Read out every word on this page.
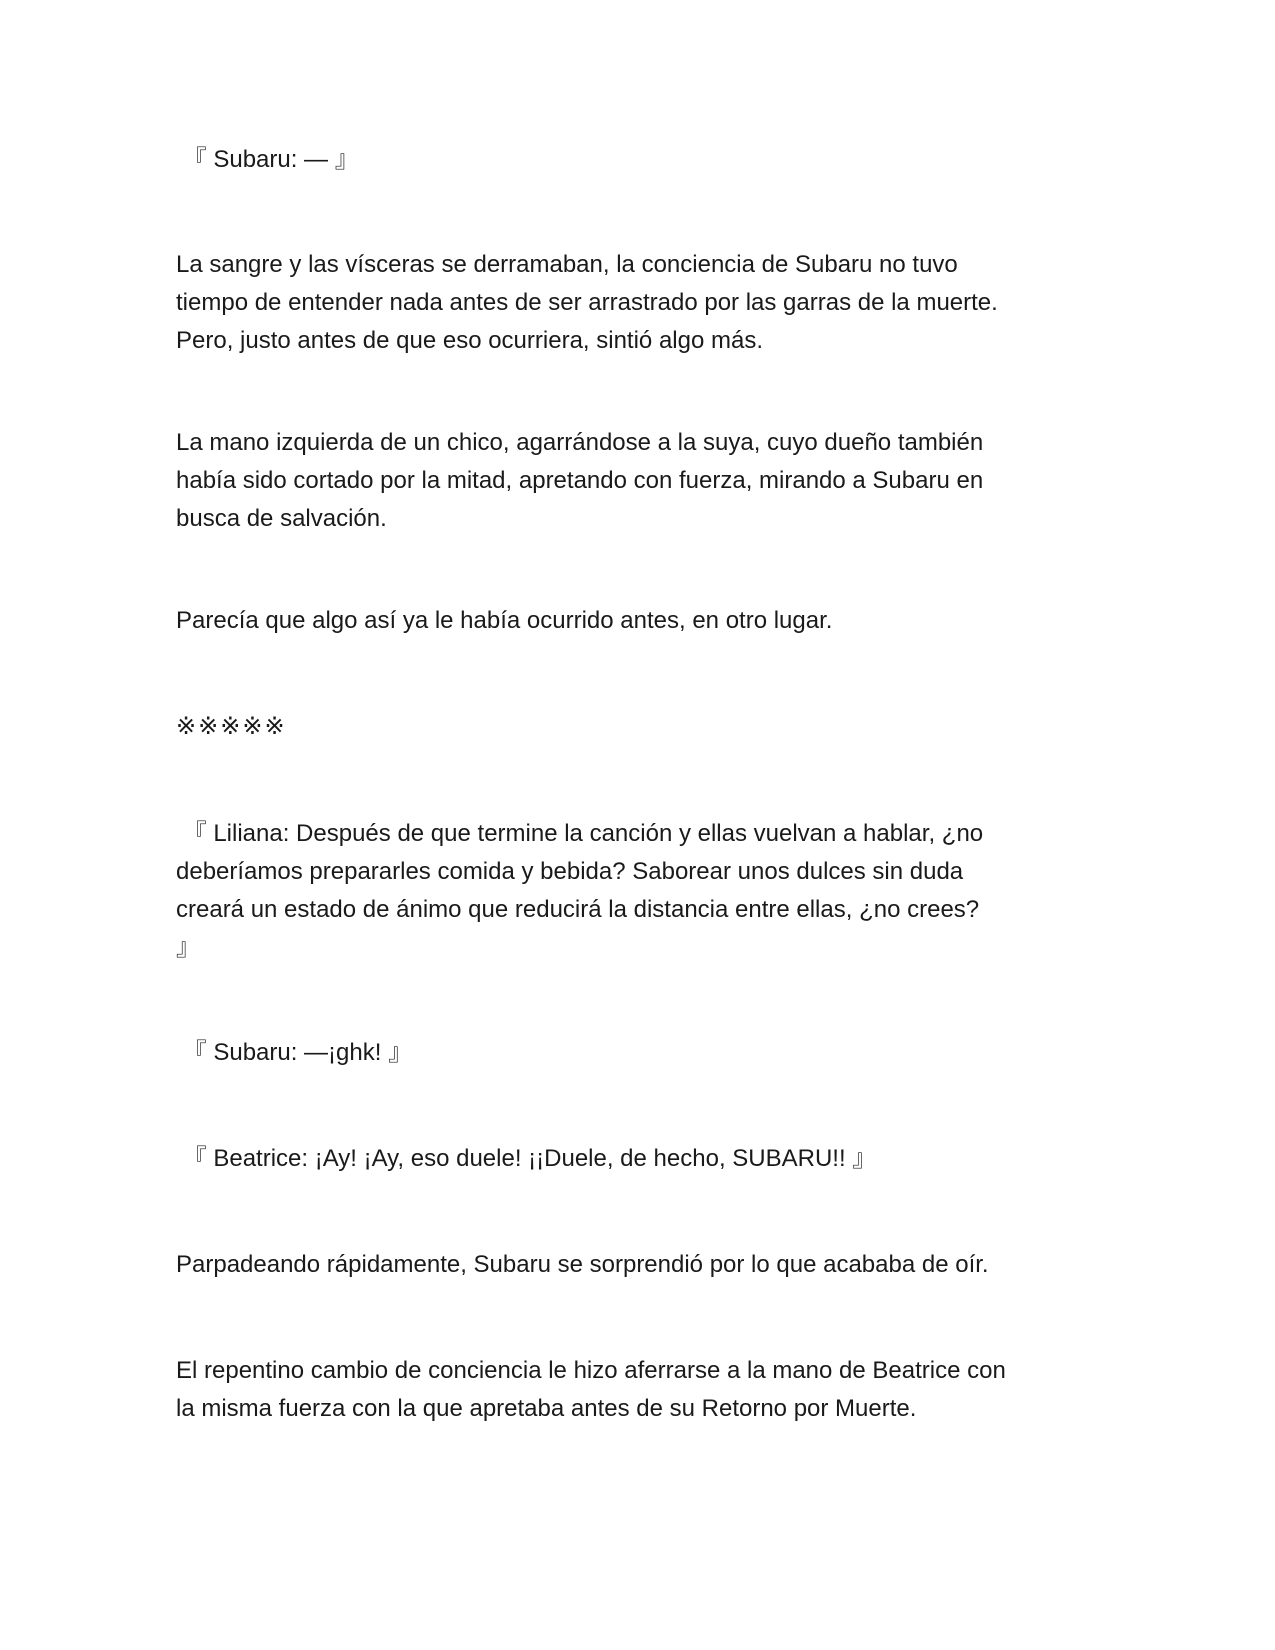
『 Subaru: — 』

La sangre y las vísceras se derramaban, la conciencia de Subaru no tuvo
tiempo de entender nada antes de ser arrastrado por las garras de la muerte.
Pero, justo antes de que eso ocurriera, sintió algo más.

La mano izquierda de un chico, agarrándose a la suya, cuyo dueño también
había sido cortado por la mitad, apretando con fuerza, mirando a Subaru en
busca de salvación.

Parecía que algo así ya le había ocurrido antes, en otro lugar.

※※※※※

『 Liliana: Después de que termine la canción y ellas vuelvan a hablar, ¿no
deberíamos prepararles comida y bebida? Saborear unos dulces sin duda
creará un estado de ánimo que reducirá la distancia entre ellas, ¿no crees?
』

『 Subaru: —¡ghk! 』

『 Beatrice: ¡Ay! ¡Ay, eso duele! ¡¡Duele, de hecho, SUBARU!! 』

Parpadeando rápidamente, Subaru se sorprendió por lo que acababa de oír.

El repentino cambio de conciencia le hizo aferrarse a la mano de Beatrice con
la misma fuerza con la que apretaba antes de su Retorno por Muerte.
